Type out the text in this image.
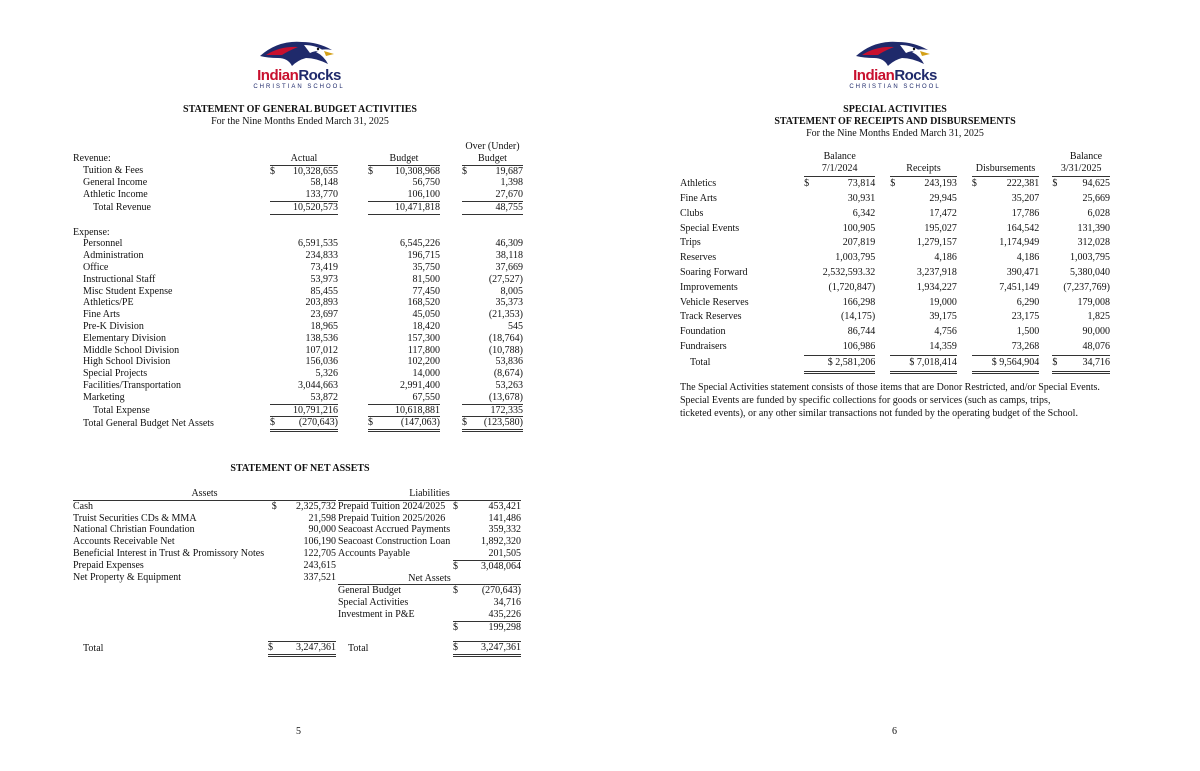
IndianRocks
CHRISTIAN SCHOOL
IndianRocks
CHRISTIAN SCHOOL
STATEMENT OF GENERAL BUDGET ACTIVITIES
For the Nine Months Ended March 31, 2025
							Over (Under)	
Revenue:	Actual			Budget			Budget	
Tuition & Fees	$	10,328,655		$	10,308,968		$	19,687
General Income		58,148			56,750			1,398
Athletic Income		133,770			106,100			27,670
Total Revenue		10,520,573			10,471,818			48,755

Expense:								
Personnel		6,591,535			6,545,226			46,309
Administration		234,833			196,715			38,118
Office		73,419			35,750			37,669
Instructional Staff		53,973			81,500			(27,527)
Misc Student Expense		85,455			77,450			8,005
Athletics/PE		203,893			168,520			35,373
Fine Arts		23,697			45,050			(21,353)
Pre-K Division		18,965			18,420			545
Elementary Division		138,536			157,300			(18,764)
Middle School Division		107,012			117,800			(10,788)
High School Division		156,036			102,200			53,836
Special Projects		5,326			14,000			(8,674)
Facilities/Transportation		3,044,663			2,991,400			53,263
Marketing		53,872			67,550			(13,678)
Total Expense		10,791,216			10,618,881			172,335
Total General Budget Net Assets	$	(270,643)		$	(147,063)		$	(123,580)
STATEMENT OF NET ASSETS
Assets		
Cash	$	2,325,732
Truist Securities CDs & MMA		21,598
National Christian Foundation		90,000
Accounts Receivable Net		106,190
Beneficial Interest in Trust & Promissory Notes		122,705
Prepaid Expenses		243,615
Net Property & Equipment		337,521
Liabilities		
Prepaid Tuition 2024/2025	$	453,421
Prepaid Tuition 2025/2026		141,486
Seacoast Accrued Payments		359,332
Seacoast Construction Loan		1,892,320
Accounts Payable		201,505
	$	3,048,064
Net Assets		
General Budget	$	(270,643)
Special Activities		34,716
Investment in P&E		435,226
	$	199,298
Total	$	3,247,361 Total	$	3,247,361
5
SPECIAL ACTIVITIES
STATEMENT OF RECEIPTS AND DISBURSEMENTS
For the Nine Months Ended March 31, 2025
	Balance										Balance
	7/1/2024			Receipts			Disbursements			3/31/2025	
Athletics	$	73,814		$	243,193		$	222,381		$	94,625
Fine Arts		30,931			29,945			35,207			25,669
Clubs		6,342			17,472			17,786			6,028
Special Events		100,905			195,027			164,542			131,390
Trips		207,819			1,279,157			1,174,949			312,028
Reserves		1,003,795			4,186			4,186			1,003,795
Soaring Forward		2,532,593.32			3,237,918			390,471			5,380,040
Improvements		(1,720,847)			1,934,227			7,451,149			(7,237,769)
Vehicle Reserves		166,298			19,000			6,290			179,008
Track Reserves		(14,175)			39,175			23,175			1,825
Foundation		86,744			4,756			1,500			90,000
Fundraisers		106,986			14,359			73,268			48,076
Total	$ 2,581,206			$ 7,018,414			$ 9,564,904			$	34,716
The Special Activities statement consists of those items that are Donor Restricted, and/or Special Events.
Special Events are funded by specific collections for goods or services (such as camps, trips,
ticketed events), or any other similar transactions not funded by the operating budget of the School.
6
